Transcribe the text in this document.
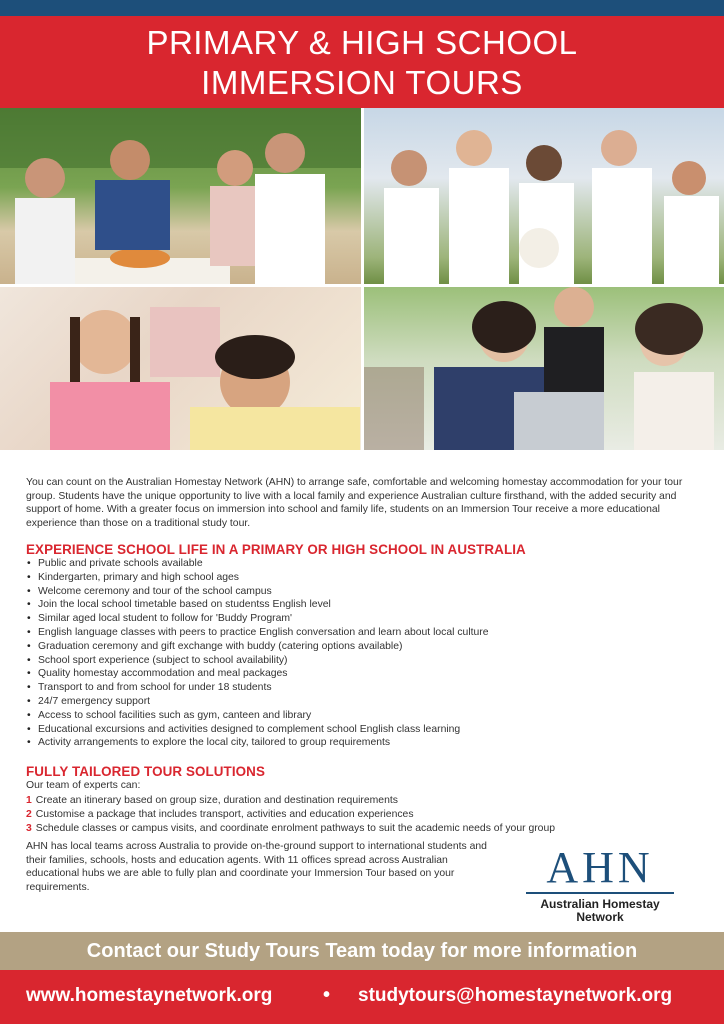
PRIMARY & HIGH SCHOOL
IMMERSION TOURS

You can count on the Australian Homestay Network (AHN) to arrange safe, comfortable and welcoming homestay accommodation for your tour group. Students have the unique opportunity to live with a local family and experience Australian culture firsthand, with the added security and support of home. With a greater focus on immersion into school and family life, students on an Immersion Tour receive a more educational experience than those on a traditional study tour.

EXPERIENCE SCHOOL LIFE IN A PRIMARY OR HIGH SCHOOL IN AUSTRALIA
• Public and private schools available
• Kindergarten, primary and high school ages
• Welcome ceremony and tour of the school campus
• Join the local school timetable based on studentss English level
• Similar aged local student to follow for 'Buddy Program'
• English language classes with peers to practice English conversation and learn about local culture
• Graduation ceremony and gift exchange with buddy (catering options available)
• School sport experience (subject to school availability)
• Quality homestay accommodation and meal packages
• Transport to and from school for under 18 students
• 24/7 emergency support
• Access to school facilities such as gym, canteen and library
• Educational excursions and activities designed to complement school English class learning
• Activity arrangements to explore the local city, tailored to group requirements
FULLY TAILORED TOUR SOLUTIONS

Our team of experts can:

1 Create an itinerary based on group size, duration and destination requirements
2 Customise a package that includes transport, activities and education experiences
3 Schedule classes or campus visits, and coordinate enrolment pathways to suit the academic needs of your group

AHN has local teams across Australia to provide on-the-ground support to international students and their families, schools, hosts and education agents. With 11 offices spread across Australian educational hubs we are able to fully plan and coordinate your Immersion Tour based on your requirements.	AHN
Australian Homestay
Network
Contact our Study Tours Team today for more information
www.homestaynetwork.org	• studytours@homestaynetwork.org
